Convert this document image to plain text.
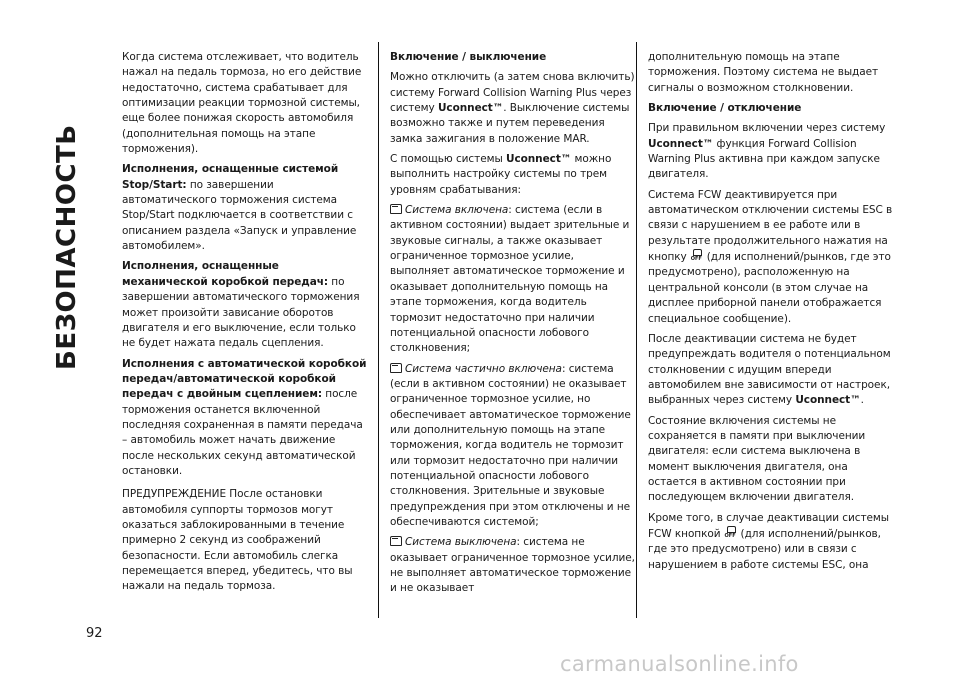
БЕЗОПАСНОСТЬ
92

Когда система отслеживает, что водитель нажал на педаль тормоза, но его действие недостаточно, система срабатывает для оптимизации реакции тормозной системы, еще более понижая скорость автомобиля (дополнительная помощь на этапе торможения).

Исполнения, оснащенные системой Stop/Start: по завершении автоматического торможения система Stop/Start подключается в соответствии с описанием раздела «Запуск и управление автомобилем».

Исполнения, оснащенные механической коробкой передач: по завершении автоматического торможения может произойти зависание оборотов двигателя и его выключение, если только не будет нажата педаль сцепления.

Исполнения с автоматической коробкой передач/автоматической коробкой передач с двойным сцеплением: после торможения останется включенной последняя сохраненная в памяти передача – автомобиль может начать движение после нескольких секунд автоматической остановки.

ПРЕДУПРЕЖДЕНИЕ После остановки автомобиля суппорты тормозов могут оказаться заблокированными в течение примерно 2 секунд из соображений безопасности. Если автомобиль слегка перемещается вперед, убедитесь, что вы нажали на педаль тормоза.

Включение / выключение

Можно отключить (а затем снова включить) систему Forward Collision Warning Plus через систему Uconnect™. Выключение системы возможно также и путем переведения замка зажигания в положение MAR.

С помощью системы Uconnect™ можно выполнить настройку системы по трем уровням срабатывания:

Система включена: система (если в активном состоянии) выдает зрительные и звуковые сигналы, а также оказывает ограниченное тормозное усилие, выполняет автоматическое торможение и оказывает дополнительную помощь на этапе торможения, когда водитель тормозит недостаточно при наличии потенциальной опасности лобового столкновения;

Система частично включена: система (если в активном состоянии) не оказывает ограниченное тормозное усилие, но обеспечивает автоматическое торможение или дополнительную помощь на этапе торможения, когда водитель не тормозит или тормозит недостаточно при наличии потенциальной опасности лобового столкновения. Зрительные и звуковые предупреждения при этом отключены и не обеспечиваются системой;

Система выключена: система не оказывает ограниченное тормозное усилие, не выполняет автоматическое торможение и не оказывает

дополнительную помощь на этапе торможения. Поэтому система не выдает сигналы о возможном столкновении.

Включение / отключение

При правильном включении через систему Uconnect™ функция Forward Collision Warning Plus активна при каждом запуске двигателя.

Система FCW деактивируется при автоматическом отключении системы ESC в связи с нарушением в ее работе или в результате продолжительного нажатия на кнопку OFF (для исполнений/рынков, где это предусмотрено), расположенную на центральной консоли (в этом случае на дисплее приборной панели отображается специальное сообщение).

После деактивации система не будет предупреждать водителя о потенциальном столкновении с идущим впереди автомобилем вне зависимости от настроек, выбранных через систему Uconnect™.

Состояние включения системы не сохраняется в памяти при выключении двигателя: если система выключена в момент выключения двигателя, она остается в активном состоянии при последующем включении двигателя.

Кроме того, в случае деактивации системы FCW кнопкой OFF (для исполнений/рынков, где это предусмотрено) или в связи с нарушением в работе системы ESC, она

carmanualsonline.info
